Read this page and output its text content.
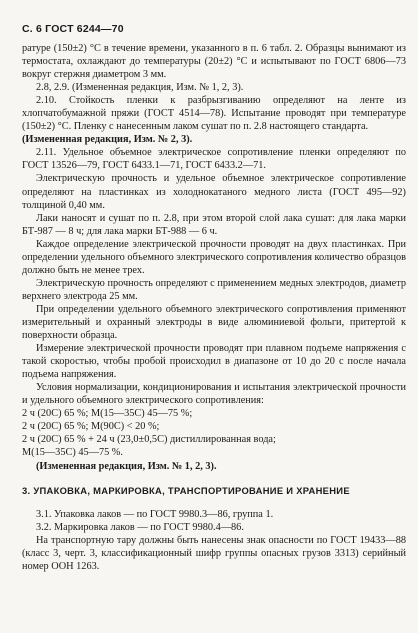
С. 6 ГОСТ 6244—70

ратуре (150±2) °С в течение времени, указанного в п. 6 табл. 2. Образцы вынимают из термостата, охлаждают до температуры (20±2) °С и испытывают по ГОСТ 6806—73 вокруг стержня диаметром 3 мм.

2.8, 2.9. (Измененная редакция, Изм. № 1, 2, 3).

2.10. Стойкость пленки к разбрызгиванию определяют на ленте из хлопчатобумажной пряжи (ГОСТ 4514—78). Испытание проводят при температуре (150±2) °С. Пленку с нанесенным лаком сушат по п. 2.8 настоящего стандарта.

(Измененная редакция, Изм. № 2, 3).

2.11. Удельное объемное электрическое сопротивление пленки определяют по ГОСТ 13526—79, ГОСТ 6433.1—71, ГОСТ 6433.2—71.

Электрическую прочность и удельное объемное электрическое сопротивление определяют на пластинках из холоднокатаного медного листа (ГОСТ 495—92) толщиной 0,40 мм.

Лаки наносят и сушат по п. 2.8, при этом второй слой лака сушат: для лака марки БТ-987 — 8 ч; для лака марки БТ-988 — 6 ч.

Каждое определение электрической прочности проводят на двух пластинках. При определении удельного объемного электрического сопротивления количество образцов должно быть не менее трех.

Электрическую прочность определяют с применением медных электродов, диаметр верхнего электрода 25 мм.

При определении удельного объемного электрического сопротивления применяют измерительный и охранный электроды в виде алюминиевой фольги, притертой к поверхности образца.

Измерение электрической прочности проводят при плавном подъеме напряжения с такой скоростью, чтобы пробой происходил в диапазоне от 10 до 20 с после начала подъема напряжения.

Условия нормализации, кондиционирования и испытания электрической прочности и удельного объемного электрического сопротивления:

2 ч (20С) 65 %; М(15—35С) 45—75 %;

2 ч (20С) 65 %; М(90С) < 20 %;

2 ч (20С) 65 % + 24 ч (23,0±0,5С) дистиллированная вода;

М(15—35С) 45—75 %.

(Измененная редакция, Изм. № 1, 2, 3).

3. УПАКОВКА, МАРКИРОВКА, ТРАНСПОРТИРОВАНИЕ И ХРАНЕНИЕ

3.1. Упаковка лаков — по ГОСТ 9980.3—86, группа 1.

3.2. Маркировка лаков — по ГОСТ 9980.4—86.

На транспортную тару должны быть нанесены знак опасности по ГОСТ 19433—88 (класс 3, черт. 3, классификационный шифр группы опасных грузов 3313) серийный номер ООН 1263.
